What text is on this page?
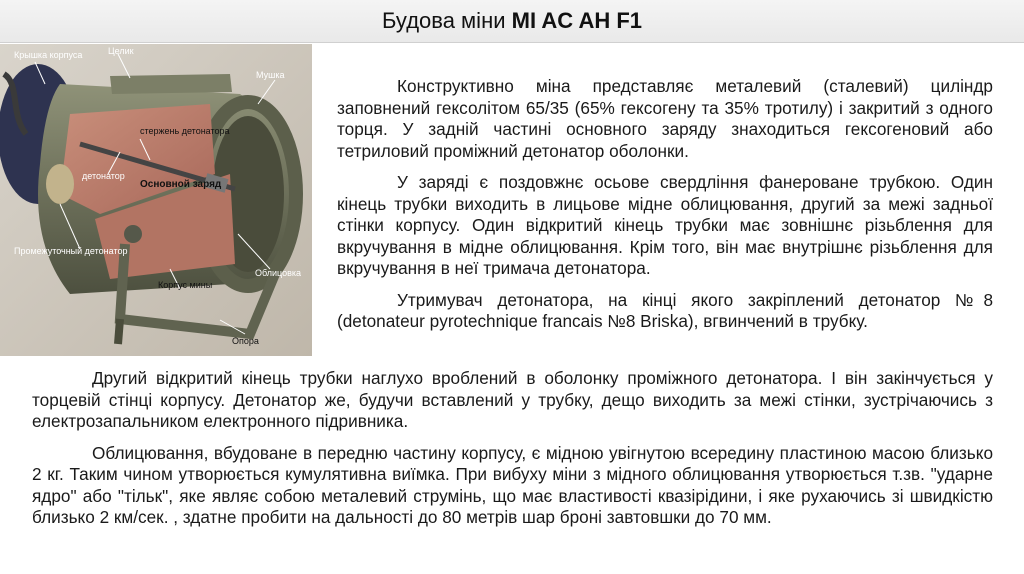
Будова міни MI AC AH F1
Крышка корпуса	Целик
Мушка
стержень детонатора
детонатор
Основной заряд
Промежуточный детонатор
Облицовка
Корпус мины
Опора

Конструктивно міна представляє металевий (сталевий) циліндр заповнений гексолітом 65/35 (65% гексогену та 35% тротилу) і закритий з одного торця. У задній частині основного заряду знаходиться гексогеновий або тетриловий проміжний детонатор оболонки.

У заряді є поздовжнє осьове свердління фанероване трубкою. Один кінець трубки виходить в лицьове мідне облицювання, другий за межі задньої стінки корпусу. Один відкритий кінець трубки має зовнішнє різьблення для вкручування в мідне облицювання. Крім того, він має внутрішнє різьблення для вкручування в неї тримача детонатора.

Утримувач детонатора, на кінці якого закріплений детонатор №8 (detonateur pyrotechnique francais №8 Briska), вгвинчений в трубку.

Другий відкритий кінець трубки наглухо вроблений в оболонку проміжного детонатора. І він закінчується у торцевій стінці корпусу. Детонатор же, будучи вставлений у трубку, дещо виходить за межі стінки, зустрічаючись з електрозапальником електронного підривника.

Облицювання, вбудоване в передню частину корпусу, є мідною увігнутою всередину пластиною масою близько 2 кг. Таким чином утворюється кумулятивна виїмка. При вибуху міни з мідного облицювання утворюється т.зв. "ударне ядро" або "тільк", яке являє собою металевий струмінь, що має властивості квазірідини, і яке рухаючись зі швидкістю близько 2 км/сек. , здатне пробити на дальності до 80 метрів шар броні завтовшки до 70 мм.
